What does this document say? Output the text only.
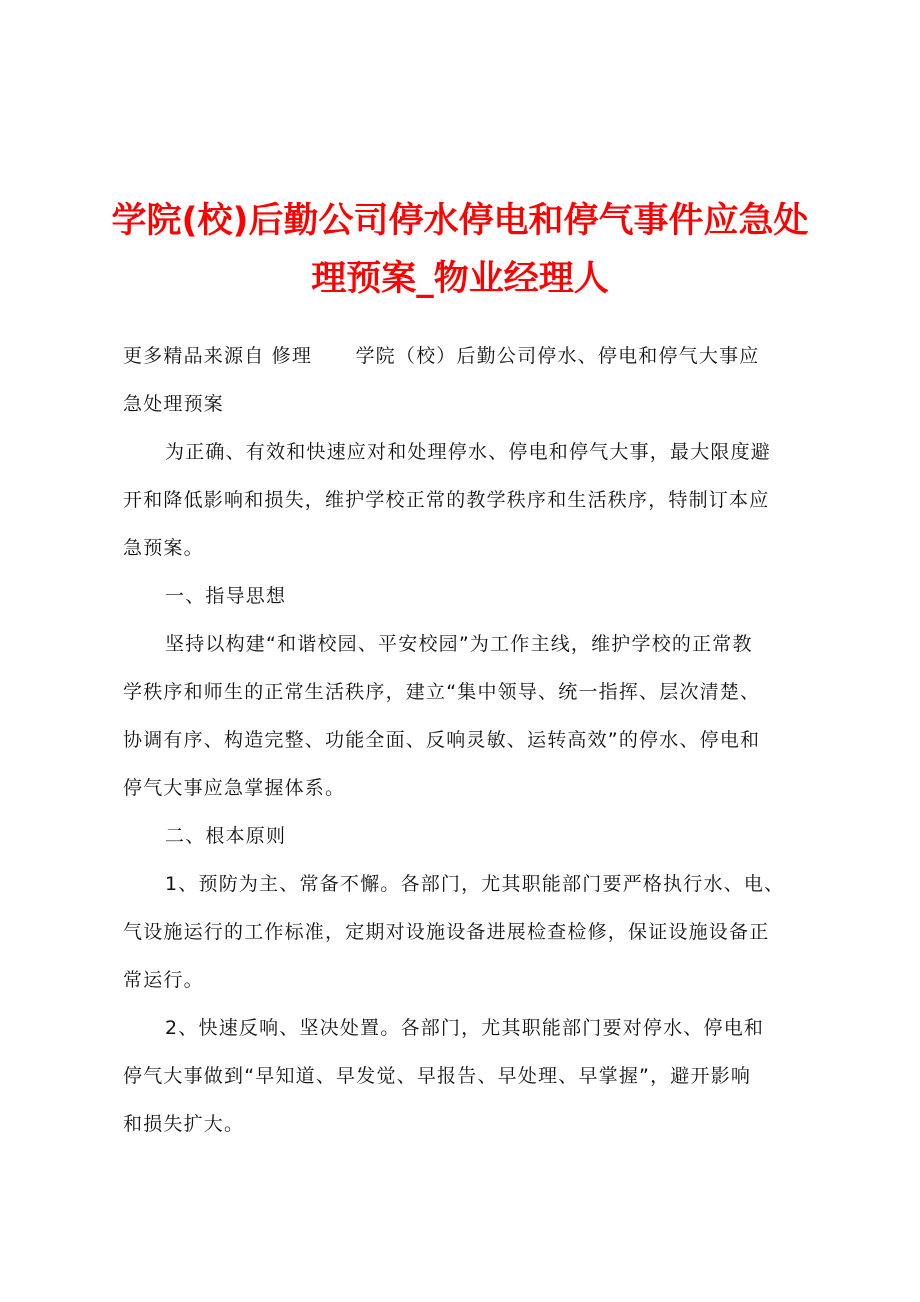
学院(校)后勤公司停水停电和停气事件应急处
理预案_物业经理人
更多精品来源自 修理      学院（校）后勤公司停水、停电和停气大事应
急处理预案
为正确、有效和快速应对和处理停水、停电和停气大事，最大限度避
开和降低影响和损失，维护学校正常的教学秩序和生活秩序，特制订本应
急预案。
一、指导思想
坚持以构建“和谐校园、平安校园”为工作主线，维护学校的正常教
学秩序和师生的正常生活秩序，建立“集中领导、统一指挥、层次清楚、
协调有序、构造完整、功能全面、反响灵敏、运转高效”的停水、停电和
停气大事应急掌握体系。
二、根本原则
1、预防为主、常备不懈。各部门，尤其职能部门要严格执行水、电、
气设施运行的工作标准，定期对设施设备进展检查检修，保证设施设备正
常运行。
2、快速反响、坚决处置。各部门，尤其职能部门要对停水、停电和
停气大事做到“早知道、早发觉、早报告、早处理、早掌握”，避开影响
和损失扩大。
